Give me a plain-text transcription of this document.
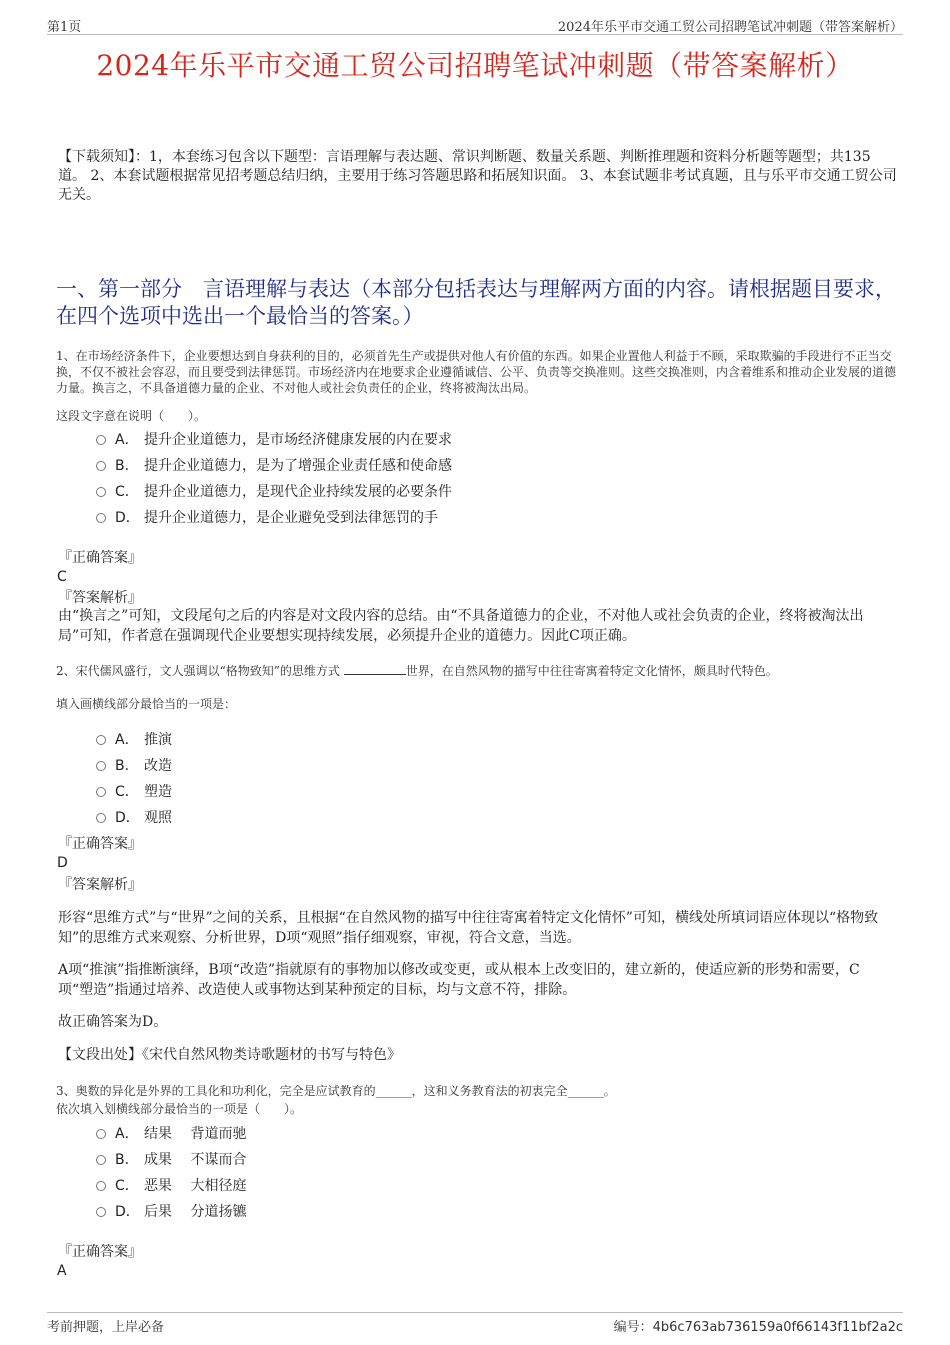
第1页	2024年乐平市交通工贸公司招聘笔试冲刺题（带答案解析）
2024年乐平市交通工贸公司招聘笔试冲刺题（带答案解析）
【下载须知】：1，本套练习包含以下题型：言语理解与表达题、常识判断题、数量关系题、判断推理题和资料分析题等题型；共135道。 2、本套试题根据常见招考题总结归纳，主要用于练习答题思路和拓展知识面。 3、本套试题非考试真题，且与乐平市交通工贸公司无关。
一、第一部分　言语理解与表达（本部分包括表达与理解两方面的内容。请根据题目要求，在四个选项中选出一个最恰当的答案。）
1、在市场经济条件下，企业要想达到自身获利的目的，必须首先生产或提供对他人有价值的东西。如果企业置他人利益于不顾，采取欺骗的手段进行不正当交换，不仅不被社会容忍，而且要受到法律惩罚。市场经济内在地要求企业遵循诚信、公平、负责等交换准则。这些交换准则，内含着维系和推动企业发展的道德力量。换言之，不具备道德力量的企业、不对他人或社会负责任的企业，终将被淘汰出局。
这段文字意在说明（　　）。
A． 提升企业道德力，是市场经济健康发展的内在要求
B． 提升企业道德力，是为了增强企业责任感和使命感
C． 提升企业道德力，是现代企业持续发展的必要条件
D． 提升企业道德力，是企业避免受到法律惩罚的手
『正确答案』
C
『答案解析』
由“换言之”可知，文段尾句之后的内容是对文段内容的总结。由“不具备道德力的企业，不对他人或社会负责的企业，终将被淘汰出局”可知，作者意在强调现代企业要想实现持续发展，必须提升企业的道德力。因此C项正确。
2、宋代儒风盛行，文人强调以“格物致知”的思维方式	世界，在自然风物的描写中往往寄寓着特定文化情怀，颇具时代特色。
填入画横线部分最恰当的一项是：
A． 推演
B． 改造
C． 塑造
D． 观照
『正确答案』
D
『答案解析』
形容“思维方式”与“世界”之间的关系，且根据“在自然风物的描写中往往寄寓着特定文化情怀”可知，横线处所填词语应体现以“格物致知”的思维方式来观察、分析世界，D项“观照”指仔细观察，审视，符合文意，当选。
A项“推演”指推断演绎，B项“改造”指就原有的事物加以修改或变更，或从根本上改变旧的，建立新的，使适应新的形势和需要，C项“塑造”指通过培养、改造使人或事物达到某种预定的目标，均与文意不符，排除。
故正确答案为D。
【文段出处】《宋代自然风物类诗歌题材的书写与特色》
3、奥数的异化是外界的工具化和功利化，完全是应试教育的______，这和义务教育法的初衷完全______。
依次填入划横线部分最恰当的一项是（　　）。
A． 结果　 背道而驰
B． 成果　 不谋而合
C． 恶果　 大相径庭
D． 后果　 分道扬镳
『正确答案』
A
考前押题，上岸必备	编号：4b6c763ab736159a0f66143f11bf2a2c
